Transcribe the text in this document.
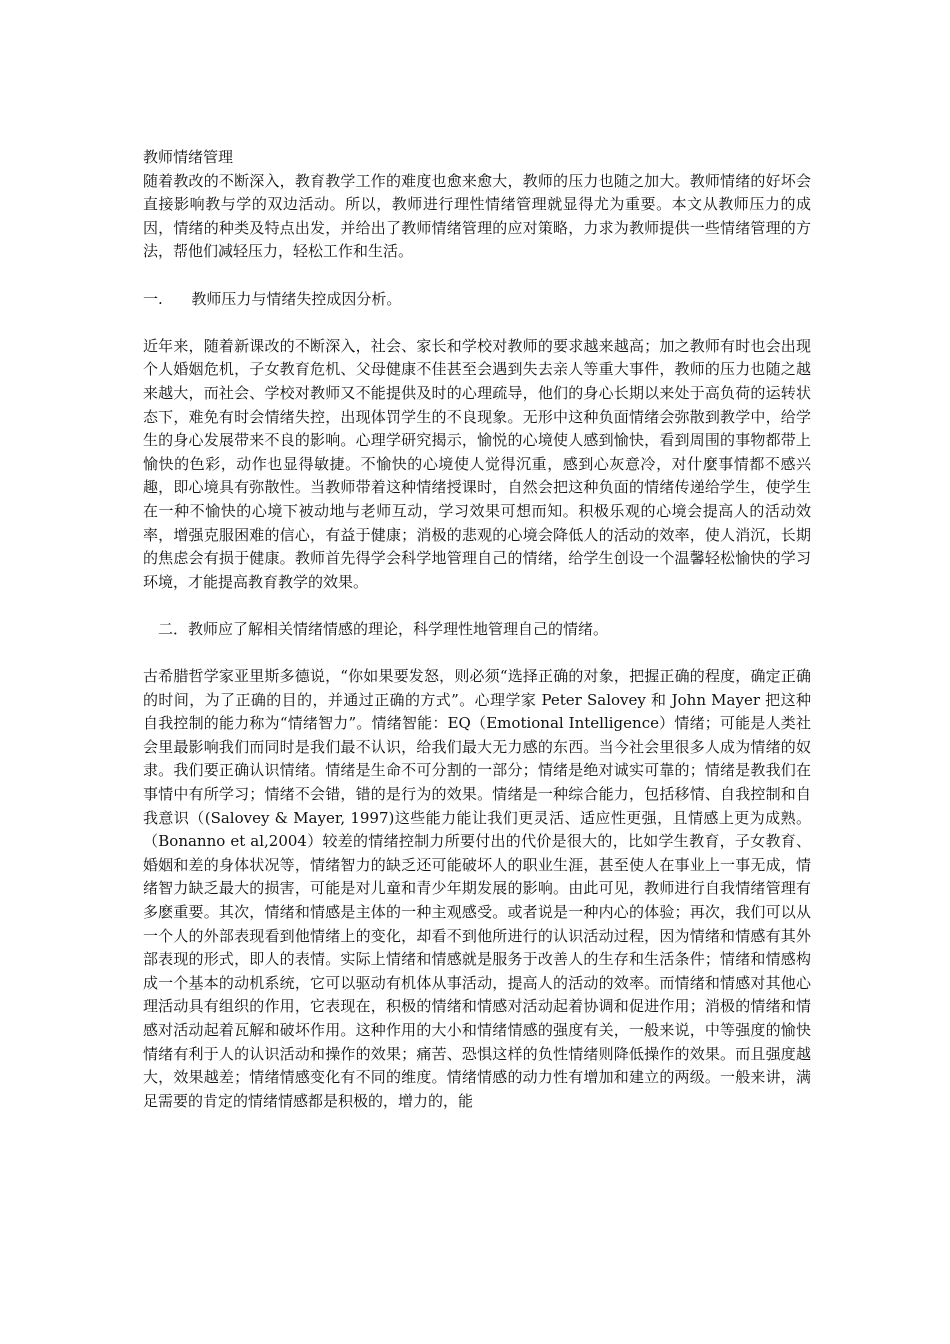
教师情绪管理

随着教改的不断深入，教育教学工作的难度也愈来愈大，教师的压力也随之加大。教师情绪的好坏会直接影响教与学的双边活动。所以，教师进行理性情绪管理就显得尤为重要。本文从教师压力的成因，情绪的种类及特点出发，并给出了教师情绪管理的应对策略，力求为教师提供一些情绪管理的方法，帮他们减轻压力，轻松工作和生活。

一.      教师压力与情绪失控成因分析。

近年来，随着新课改的不断深入，社会、家长和学校对教师的要求越来越高；加之教师有时也会出现个人婚姻危机，子女教育危机、父母健康不佳甚至会遇到失去亲人等重大事件，教师的压力也随之越来越大，而社会、学校对教师又不能提供及时的心理疏导，他们的身心长期以来处于高负荷的运转状态下，难免有时会情绪失控，出现体罚学生的不良现象。无形中这种负面情绪会弥散到教学中，给学生的身心发展带来不良的影响。心理学研究揭示，愉悦的心境使人感到愉快，看到周围的事物都带上愉快的色彩，动作也显得敏捷。不愉快的心境使人觉得沉重，感到心灰意冷，对什麼事情都不感兴趣，即心境具有弥散性。当教师带着这种情绪授课时，自然会把这种负面的情绪传递给学生，使学生在一种不愉快的心境下被动地与老师互动，学习效果可想而知。积极乐观的心境会提高人的活动效率，增强克服困难的信心，有益于健康；消极的悲观的心境会降低人的活动的效率，使人消沉，长期的焦虑会有损于健康。教师首先得学会科学地管理自己的情绪，给学生创设一个温馨轻松愉快的学习环境，才能提高教育教学的效果。

二．教师应了解相关情绪情感的理论，科学理性地管理自己的情绪。

古希腊哲学家亚里斯多德说，“你如果要发怒，则必须“选择正确的对象，把握正确的程度，确定正确的时间，为了正确的目的，并通过正确的方式”。心理学家 Peter Salovey 和 John Mayer 把这种自我控制的能力称为“情绪智力”。情绪智能：EQ（Emotional Intelligence）情绪；可能是人类社会里最影响我们而同时是我们最不认识，给我们最大无力感的东西。当今社会里很多人成为情绪的奴隶。我们要正确认识情绪。情绪是生命不可分割的一部分；情绪是绝对诚实可靠的；情绪是教我们在事情中有所学习；情绪不会错，错的是行为的效果。情绪是一种综合能力，包括移情、自我控制和自我意识（(Salovey & Mayer, 1997)这些能力能让我们更灵活、适应性更强，且情感上更为成熟。（Bonanno et al,2004）较差的情绪控制力所要付出的代价是很大的，比如学生教育，子女教育、婚姻和差的身体状况等，情绪智力的缺乏还可能破坏人的职业生涯，甚至使人在事业上一事无成，情绪智力缺乏最大的损害，可能是对儿童和青少年期发展的影响。由此可见，教师进行自我情绪管理有多麽重要。其次，情绪和情感是主体的一种主观感受。或者说是一种内心的体验；再次，我们可以从一个人的外部表现看到他情绪上的变化，却看不到他所进行的认识活动过程，因为情绪和情感有其外部表现的形式，即人的表情。实际上情绪和情感就是服务于改善人的生存和生活条件；情绪和情感构成一个基本的动机系统，它可以驱动有机体从事活动，提高人的活动的效率。而情绪和情感对其他心理活动具有组织的作用，它表现在，积极的情绪和情感对活动起着协调和促进作用；消极的情绪和情感对活动起着瓦解和破坏作用。这种作用的大小和情绪情感的强度有关，一般来说，中等强度的愉快情绪有利于人的认识活动和操作的效果；痛苦、恐惧这样的负性情绪则降低操作的效果。而且强度越大，效果越差；情绪情感变化有不同的维度。情绪情感的动力性有增加和建立的两级。一般来讲，满足需要的肯定的情绪情感都是积极的，增力的，能
